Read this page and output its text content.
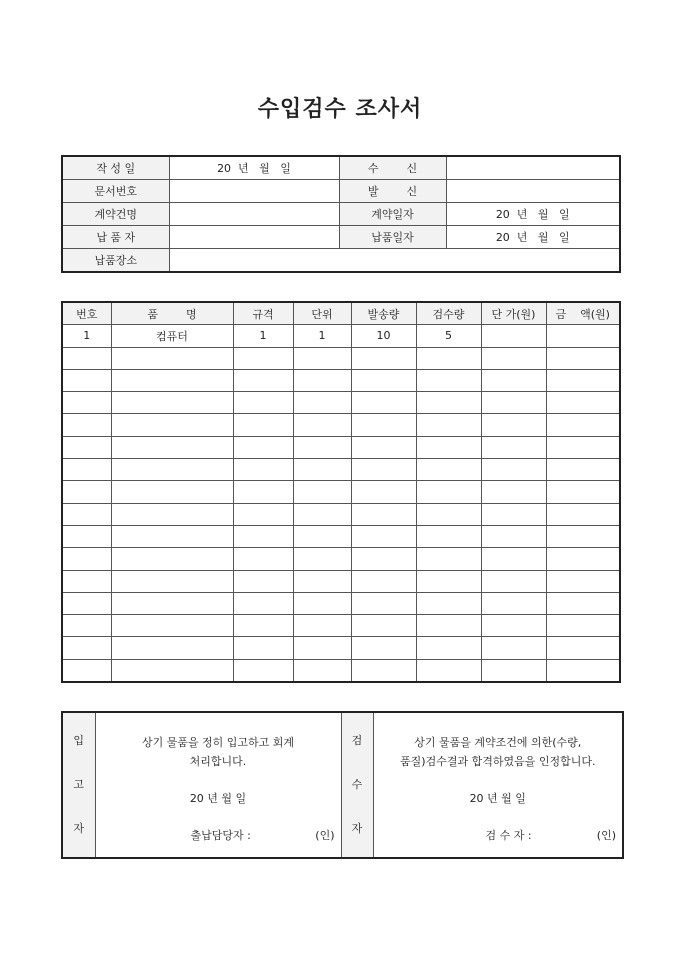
수입검수 조사서
작 성 일	20  년   월   일	수        신	
문서번호		발        신	
계약건명		계약일자	20  년   월   일
납 품 자		납품일자	20  년   월   일
납품장소			
번호	품        명	규격	단위	발송량	검수량	단 가(원)	금    액(원)
1	컴퓨터	1	1	10	5		

입
고
자

상기 물품을 정히 입고하고 회계
처리합니다.
20 년 월 일
출납담당자 :	(인)

검
수
자

상기 물품을 계약조건에 의한(수량,
품질)검수결과 합격하였음을 인정합니다.
20 년 월 일
검 수 자 :	(인)
